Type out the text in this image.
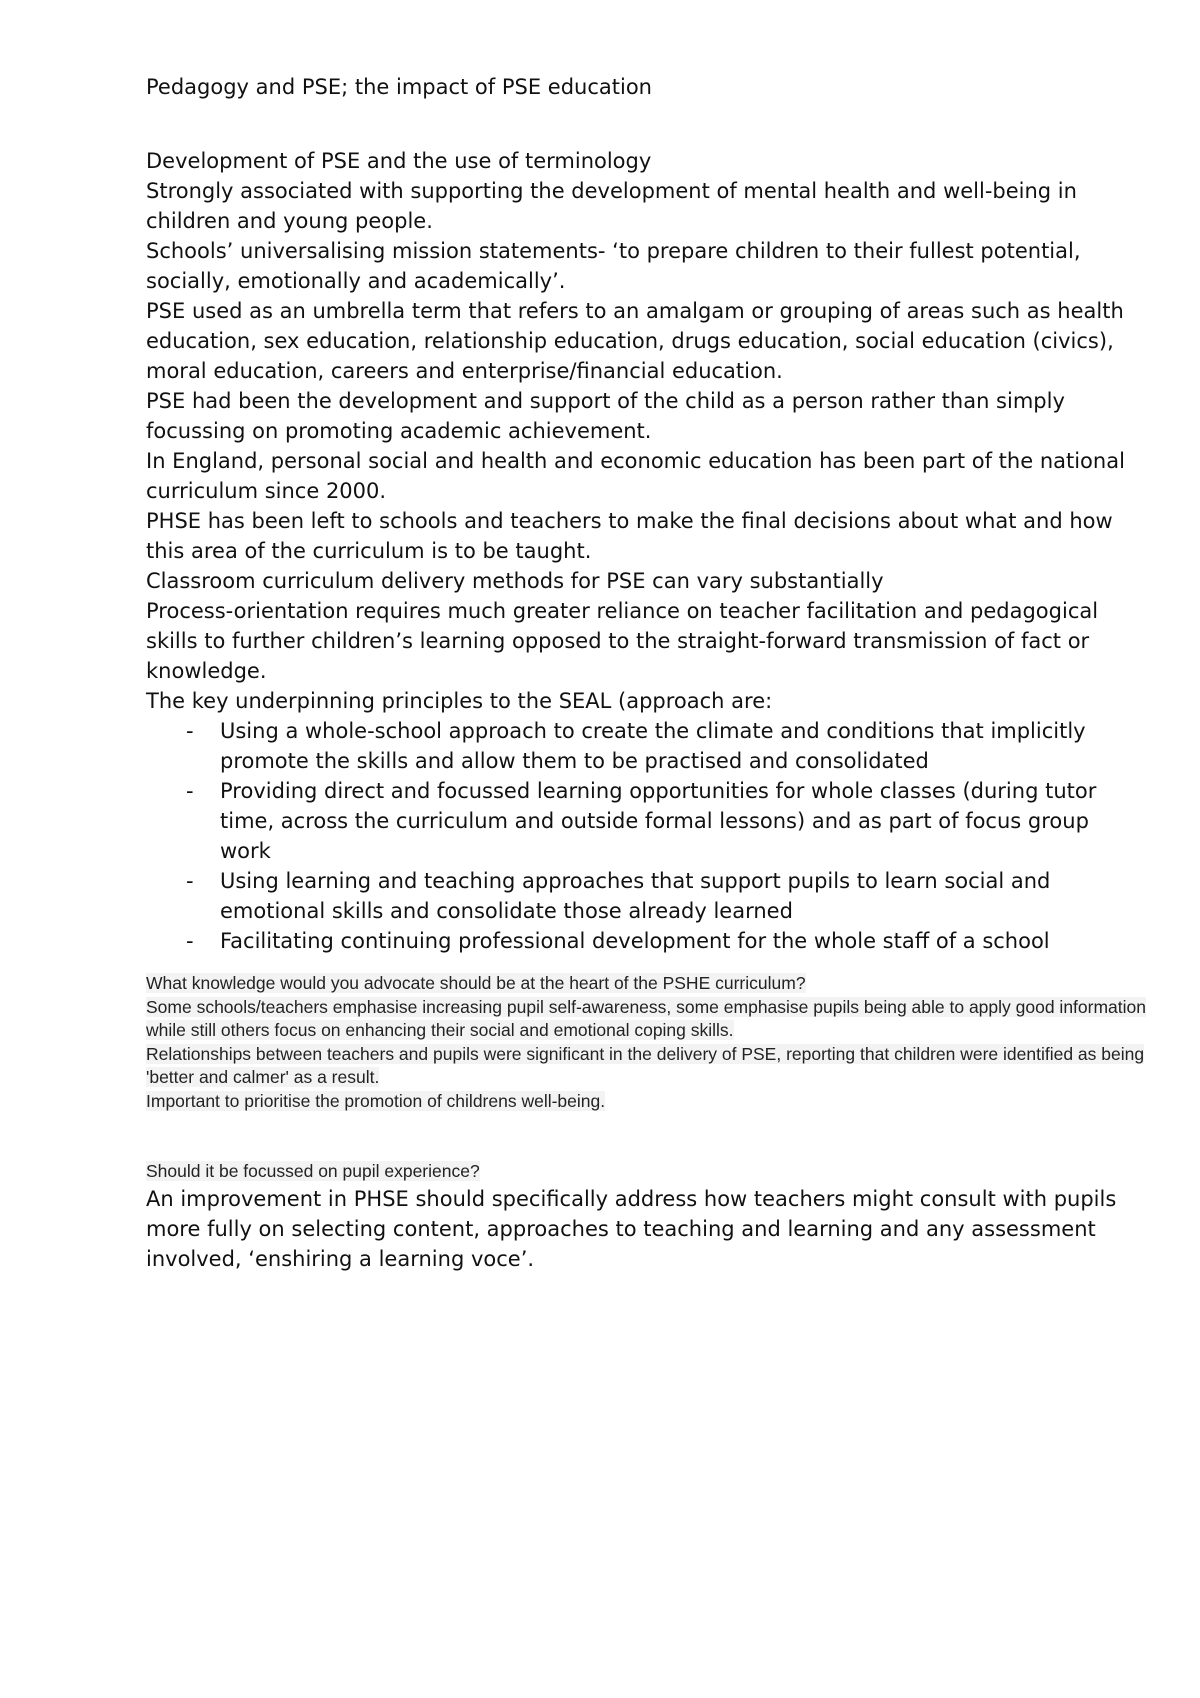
Pedagogy and PSE; the impact of PSE education

Development of PSE and the use of terminology

Strongly associated with supporting the development of mental health and well-being in children and young people.

Schools’ universalising mission statements- ‘to prepare children to their fullest potential, socially, emotionally and academically’.

PSE used as an umbrella term that refers to an amalgam or grouping of areas such as health education, sex education, relationship education, drugs education, social education (civics), moral education, careers and enterprise/financial education.

PSE had been the development and support of the child as a person rather than simply focussing on promoting academic achievement.

In England, personal social and health and economic education has been part of the national curriculum since 2000.

PHSE has been left to schools and teachers to make the final decisions about what and how this area of the curriculum is to be taught.

Classroom curriculum delivery methods for PSE can vary substantially

Process-orientation requires much greater reliance on teacher facilitation and pedagogical skills to further children’s learning opposed to the straight-forward transmission of fact or knowledge.

The key underpinning principles to the SEAL (approach are:

- Using a whole-school approach to create the climate and conditions that implicitly promote the skills and allow them to be practised and consolidated
- Providing direct and focussed learning opportunities for whole classes (during tutor time, across the curriculum and outside formal lessons) and as part of focus group work
- Using learning and teaching approaches that support pupils to learn social and emotional skills and consolidate those already learned
- Facilitating continuing professional development for the whole staff of a school

What knowledge would you advocate should be at the heart of the PSHE curriculum?

Some schools/teachers emphasise increasing pupil self-awareness, some emphasise pupils being able to apply good information while still others focus on enhancing their social and emotional coping skills.

Relationships between teachers and pupils were significant in the delivery of PSE, reporting that children were identified as being 'better and calmer' as a result.

Important to prioritise the promotion of childrens well-being.

Should it be focussed on pupil experience?

An improvement in PHSE should specifically address how teachers might consult with pupils more fully on selecting content, approaches to teaching and learning and any assessment involved, ‘enshiring a learning voce’.
